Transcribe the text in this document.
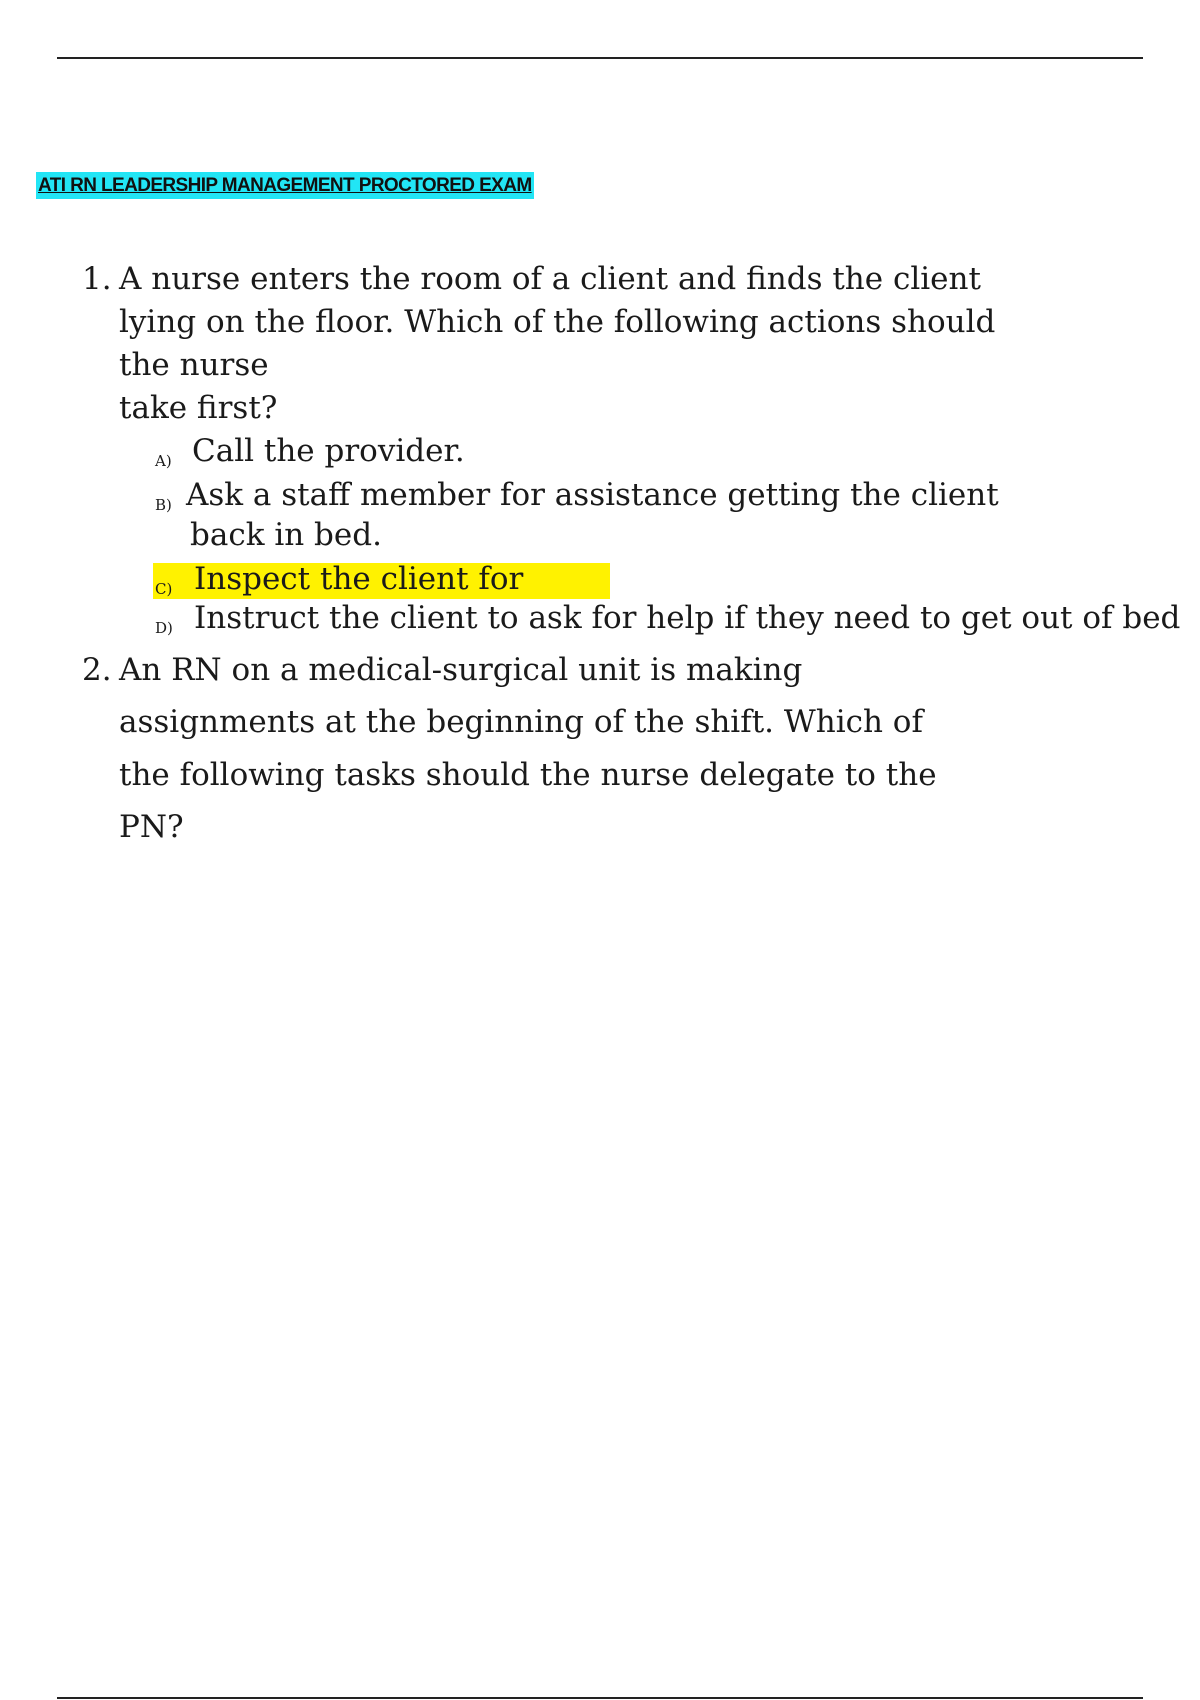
ATI RN LEADERSHIP MANAGEMENT PROCTORED EXAM
1. A nurse enters the room of a client and finds the client
lying on the floor. Which of the following actions should
the nurse
take first?
A) Call the provider.
B) Ask a staff member for assistance getting the client
back in bed.
C) Inspect the client for
D) Instruct the client to ask for help if they need to get out of bed
2. An RN on a medical-surgical unit is making
assignments at the beginning of the shift. Which of
the following tasks should the nurse delegate to the
PN?
